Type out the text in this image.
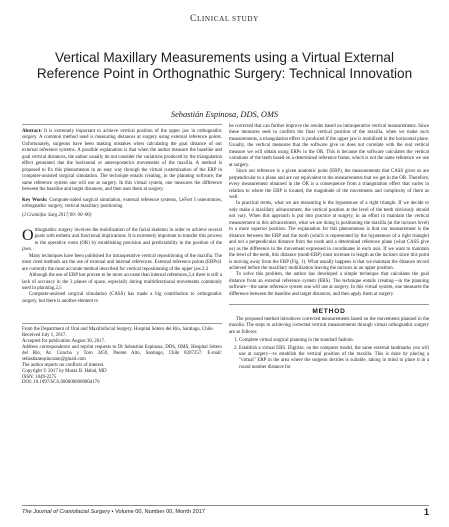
CLINICAL STUDY
Vertical Maxillary Measurements using a Virtual External Reference Point in Orthognathic Surgery: Technical Innovation
Sebastián Espinosa, DDS, OMS

Abstract: It is extremely important to achieve vertical position of the upper jaw in orthognathic surgery. A common method used is measuring distances at surgery using external reference points. Unfortunately, surgeons have been making mistakes when calculating the goal distance of our external reference systems. A possible explanation is that when the author measure the baseline and goal vertical distances, the author usually do not consider the variations produced by the triangulation effect generated due the horizontal or anteroposterior movements of the maxilla. A method is proposed to fix this phenomenon in an easy way through the virtual customization of the ERP in computer-assisted surgical simulation. The technique entails creating, in the planning software, the same reference system one will use at surgery. In this virtual system, one measures the difference between the baseline and target distances, and then uses them at surgery.

Key Words: Computer-aided surgical simulation, external reference systems, LeFort I osteotomies, orthognathic surgery, vertical maxillary positioning

(J Craniofac Surg 2017;00: 00–00)

Orthognathic surgery involves the mobilization of the facial skeleton in order to achieve several goals with esthetic and functional implications. It is extremely important to transfer this process to the operative room (OR) by establishing precision and predictability in the position of the jaws.

Many techniques have been published for intraoperative vertical repositioning of the maxilla. The most cited methods are the use of external and internal references. External reference points (ERPs)1 are currently the most accurate method described for vertical repositioning of the upper jaw.2,3

Although the use of ERP has proven to be more accurate than internal references,2,4 there is still a lack of accuracy in the 3 planes of space, especially during multidirectional movements commonly used in planning.2,5

Computer-assisted surgical simulation (CASS) has made a big contribution to orthognathic surgery, but there is another element to

From the Department of Oral and Maxillofacial Surgery, Hospital Sótero del Río, Santiago, Chile.
Received July 1, 2017.
Accepted for publication August 30, 2017.
Address correspondence and reprint requests to Dr Sebastián Espinosa, DDS, OMS, Hospital Sótero del Río, Av. Concha y Toro 3459, Puente Alto, Santiago, Chile 8207257; E-mail: sebastianespinosam@gmail.com
The author reports no conflicts of interest.
Copyright © 2017 by Mutaz B. Habal, MD
ISSN: 1049-2275
DOI: 10.1097/SCS.0000000000004170

be corrected that can further improve the results based on intraoperative vertical measurements. Since these measures seek to confirm the final vertical position of the maxilla, when we make such measurements, a triangulation effect is produced if the upper jaw is mobilized in the horizontal plane. Usually, the vertical measures that the software give us does not correlate with the real vertical measure we will obtain using ERPs in the OR. This is because the software calculates the vertical variations of the teeth based on a determined reference frame, which is not the same reference we use at surgery.

Since our reference is a given anatomic point (ERP), the measurements that CASS gives us are perpendicular to a plane and are not equivalent to the measurements that we get in the OR. Therefore, every measurement obtained in the OR is a consequence from a triangulation effect that varies in relation to where the ERP is located, the magnitude of the movements and complexity of them as well.

In practical terms, what we are measuring is the hypotenuse of a right triangle. If we decide to only make a maxillary advancement, the vertical position at the level of the teeth obviously should not vary. When this approach is put into practice at surgery, in an effort to maintain the vertical measurement in this advancement, what we are doing is positioning the maxilla (at the incisors level) in a more superior position. The explanation for this phenomenon is that our measurement is the distance between the ERP and the tooth (which is represented by the hypotenuse of a right triangle) and not a perpendicular distance from the tooth and a determined reference plane (what CASS give us) as the difference in the movement expressed in coordinates in each axis. If we want to maintain the level of the teeth, this distance (tooth-ERP) must increase in length as the incisors since this point is moving away from the ERP (Fig. 1). What usually happens is that we maintain the distance record achieved before the maxillary mobilization leaving the incisors in an upper position.

To solve this problem, the author has developed a simple technique that calculates the goal distance from an external reference system (ERS). The technique entails creating—in the planning software—the same reference system one will use at surgery. In this virtual system, one measures the difference between the baseline and target distances, and then apply them at surgery.

METHOD

The proposed method introduces corrected measurements based on the movements planned in the maxilla. The steps to achieving corrected vertical measurements through virtual orthognathic surgery are as follows:

1. Complete virtual surgical planning in the standard fashion.
2. Establish a virtual ERS. Digitize, on the computer model, the same external landmarks you will use at surgery—to establish the vertical position of the maxilla. This is done by placing a "virtual" ERP in the area where the surgeon decides is suitable, taking in mind to place it in a round number distance for
The Journal of Craniofacial Surgery • Volume 00, Number 00, Month 2017	1
